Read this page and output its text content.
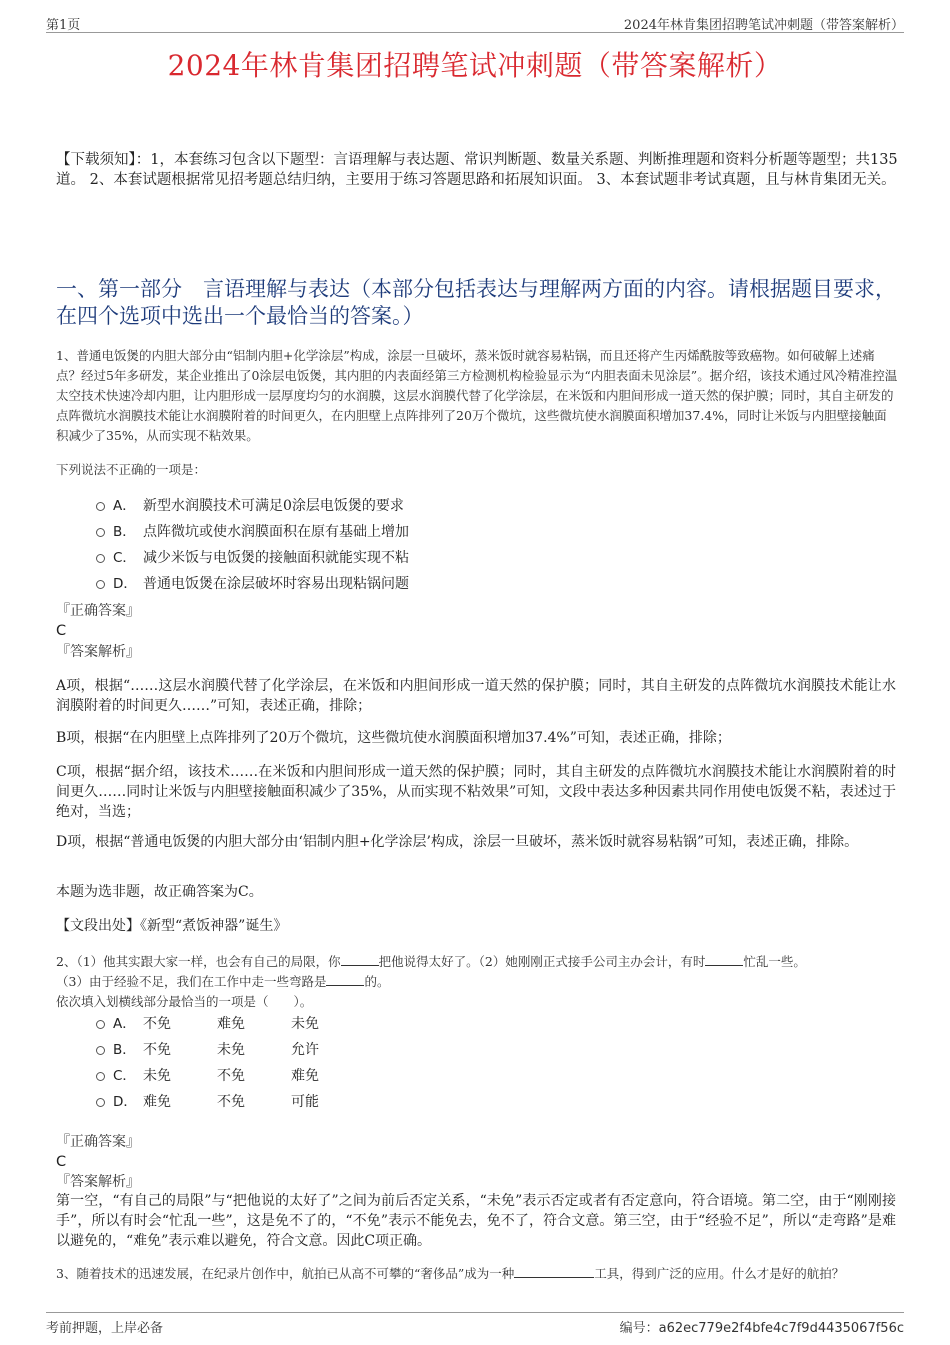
第1页	2024年林肯集团招聘笔试冲刺题（带答案解析）
2024年林肯集团招聘笔试冲刺题（带答案解析）
【下载须知】：1，本套练习包含以下题型：言语理解与表达题、常识判断题、数量关系题、判断推理题和资料分析题等题型；共135道。 2、本套试题根据常见招考题总结归纳，主要用于练习答题思路和拓展知识面。 3、本套试题非考试真题，且与林肯集团无关。
一、第一部分　言语理解与表达（本部分包括表达与理解两方面的内容。请根据题目要求，在四个选项中选出一个最恰当的答案。）
1、普通电饭煲的内胆大部分由“铝制内胆+化学涂层”构成，涂层一旦破坏，蒸米饭时就容易粘锅，而且还将产生丙烯酰胺等致癌物。如何破解上述痛点？经过5年多研发，某企业推出了0涂层电饭煲，其内胆的内表面经第三方检测机构检验显示为“内胆表面未见涂层”。据介绍，该技术通过风冷精准控温太空技术快速冷却内胆，让内胆形成一层厚度均匀的水润膜，这层水润膜代替了化学涂层，在米饭和内胆间形成一道天然的保护膜；同时，其自主研发的点阵微坑水润膜技术能让水润膜附着的时间更久，在内胆壁上点阵排列了20万个微坑，这些微坑使水润膜面积增加37.4%，同时让米饭与内胆壁接触面积减少了35%，从而实现不粘效果。
下列说法不正确的一项是：
A． 新型水润膜技术可满足0涂层电饭煲的要求
B． 点阵微坑或使水润膜面积在原有基础上增加
C． 减少米饭与电饭煲的接触面积就能实现不粘
D． 普通电饭煲在涂层破坏时容易出现粘锅问题
『正确答案』
C
『答案解析』
A项，根据“……这层水润膜代替了化学涂层，在米饭和内胆间形成一道天然的保护膜；同时，其自主研发的点阵微坑水润膜技术能让水润膜附着的时间更久……”可知，表述正确，排除；
B项，根据“在内胆壁上点阵排列了20万个微坑，这些微坑使水润膜面积增加37.4%”可知，表述正确，排除；
C项，根据“据介绍，该技术……在米饭和内胆间形成一道天然的保护膜；同时，其自主研发的点阵微坑水润膜技术能让水润膜附着的时间更久……同时让米饭与内胆壁接触面积减少了35%，从而实现不粘效果”可知，文段中表达多种因素共同作用使电饭煲不粘，表述过于绝对，当选；
D项，根据“普通电饭煲的内胆大部分由‘铝制内胆+化学涂层’构成，涂层一旦破坏，蒸米饭时就容易粘锅”可知，表述正确，排除。
本题为选非题，故正确答案为C。
【文段出处】《新型“煮饭神器”诞生》
2、（1）他其实跟大家一样，也会有自己的局限，你	把他说得太好了。（2）她刚刚正式接手公司主办会计，有时	忙乱一些。
（3）由于经验不足，我们在工作中走一些弯路是	的。
依次填入划横线部分最恰当的一项是（　　）。
A． 不免	难免	未免
B． 不免	未免	允许
C． 未免	不免	难免
D． 难免	不免	可能
『正确答案』
C
『答案解析』
第一空，“有自己的局限”与“把他说的太好了”之间为前后否定关系，“未免”表示否定或者有否定意向，符合语境。第二空，由于“刚刚接手”，所以有时会“忙乱一些”，这是免不了的，“不免”表示不能免去，免不了，符合文意。第三空，由于“经验不足”，所以“走弯路”是难以避免的，“难免”表示难以避免，符合文意。因此C项正确。
3、随着技术的迅速发展，在纪录片创作中，航拍已从高不可攀的“奢侈品”成为一种	工具，得到广泛的应用。什么才是好的航拍？
考前押题，上岸必备	编号：a62ec779e2f4bfe4c7f9d4435067f56c
